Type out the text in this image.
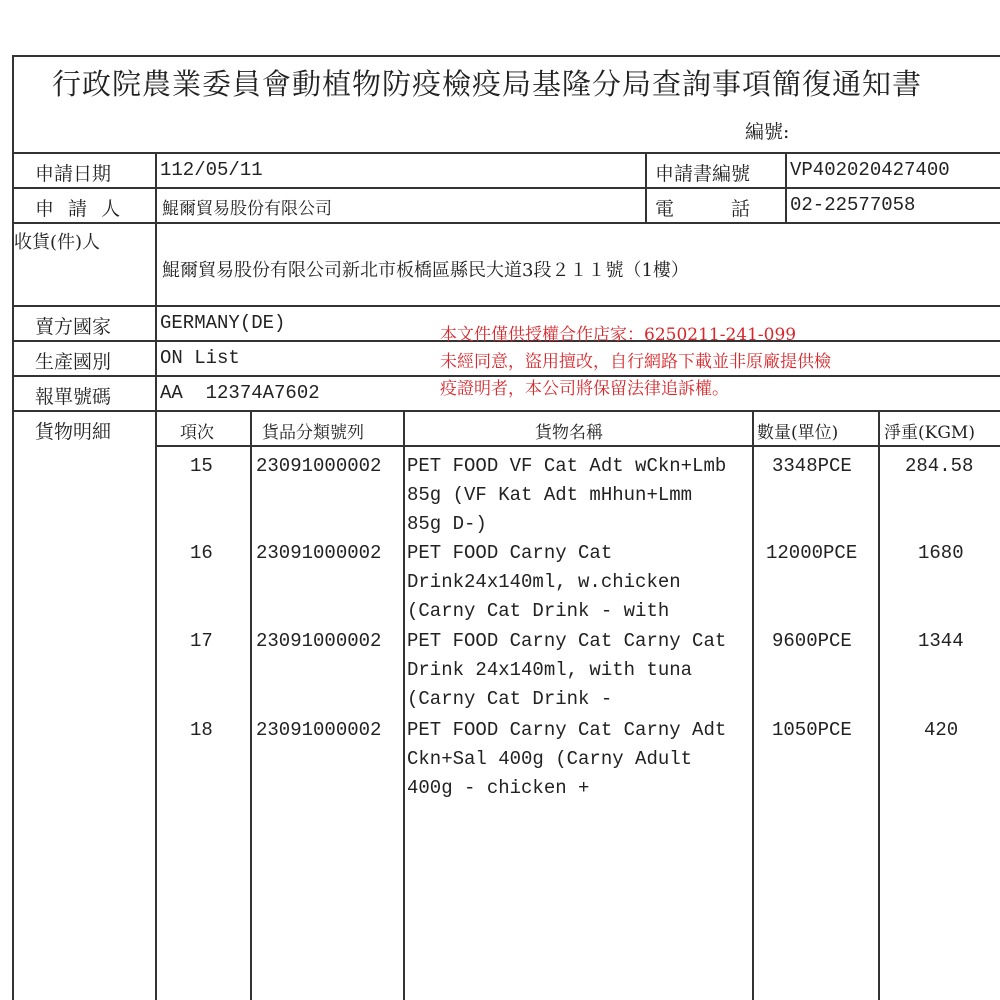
行政院農業委員會動植物防疫檢疫局基隆分局查詢事項簡復通知書
編號:
申請日期	112/05/11	申請書編號 VP402020427400
申 請 人 鯤爾貿易股份有限公司	電　　　話 02-22577058
收貨(件)人
鯤爾貿易股份有限公司新北市板橋區縣民大道3段２１１號（1樓）
賣方國家	GERMANY(DE)
生產國別	ON List
報單號碼	AA  12374A7602
貨物明細
本文件僅供授權合作店家：6250211-241-099
未經同意，盜用擅改，自行網路下載並非原廠提供檢
疫證明者，本公司將保留法律追訴權。
項次	貨品分類號列	貨物名稱	數量(單位)	淨重(KGM)
15 23091000002 PET FOOD VF Cat Adt wCkn+Lmb
85g (VF Kat Adt mHhun+Lmm
85g D-)
3348PCE	284.58
16 23091000002 PET FOOD Carny Cat
Drink24x140ml, w.chicken
(Carny Cat Drink - with
12000PCE	1680
17 23091000002 PET FOOD Carny Cat Carny Cat
Drink 24x140ml, with tuna
(Carny Cat Drink -
9600PCE	1344
18 23091000002 PET FOOD Carny Cat Carny Adt
Ckn+Sal 400g (Carny Adult
400g - chicken +
1050PCE	420
